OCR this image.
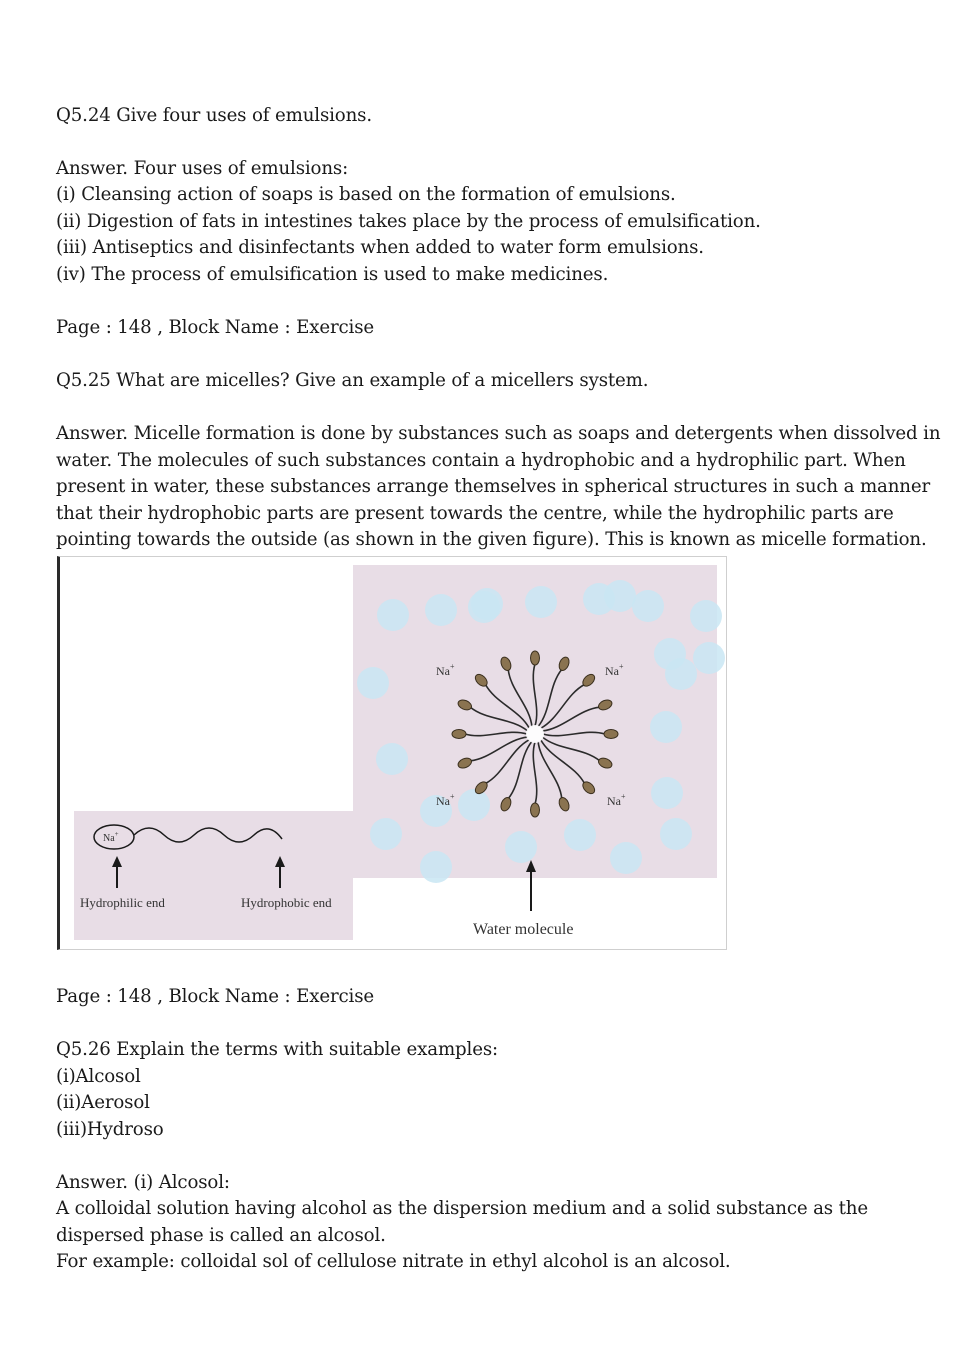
Q5.24 Give four uses of emulsions.
Answer. Four uses of emulsions:
(i) Cleansing action of soaps is based on the formation of emulsions.
(ii) Digestion of fats in intestines takes place by the process of emulsification.
(iii) Antiseptics and disinfectants when added to water form emulsions.
(iv) The process of emulsification is used to make medicines.
Page : 148 , Block Name : Exercise
Q5.25 What are micelles? Give an example of a micellers system.
Answer. Micelle formation is done by substances such as soaps and detergents when dissolved in
water. The molecules of such substances contain a hydrophobic and a hydrophilic part. When
present in water, these substances arrange themselves in spherical structures in such a manner
that their hydrophobic parts are present towards the centre, while the hydrophilic parts are
pointing towards the outside (as shown in the given figure). This is known as micelle formation.
Page : 148 , Block Name : Exercise
Q5.26 Explain the terms with suitable examples:
(i)Alcosol
(ii)Aerosol
(iii)Hydroso
Answer. (i) Alcosol:
A colloidal solution having alcohol as the dispersion medium and a solid substance as the
dispersed phase is called an alcosol.
For example: colloidal sol of cellulose nitrate in ethyl alcohol is an alcosol.
Na+	Na+
Na+	Na+
Water molecule
Na+
Hydrophilic end	Hydrophobic end
